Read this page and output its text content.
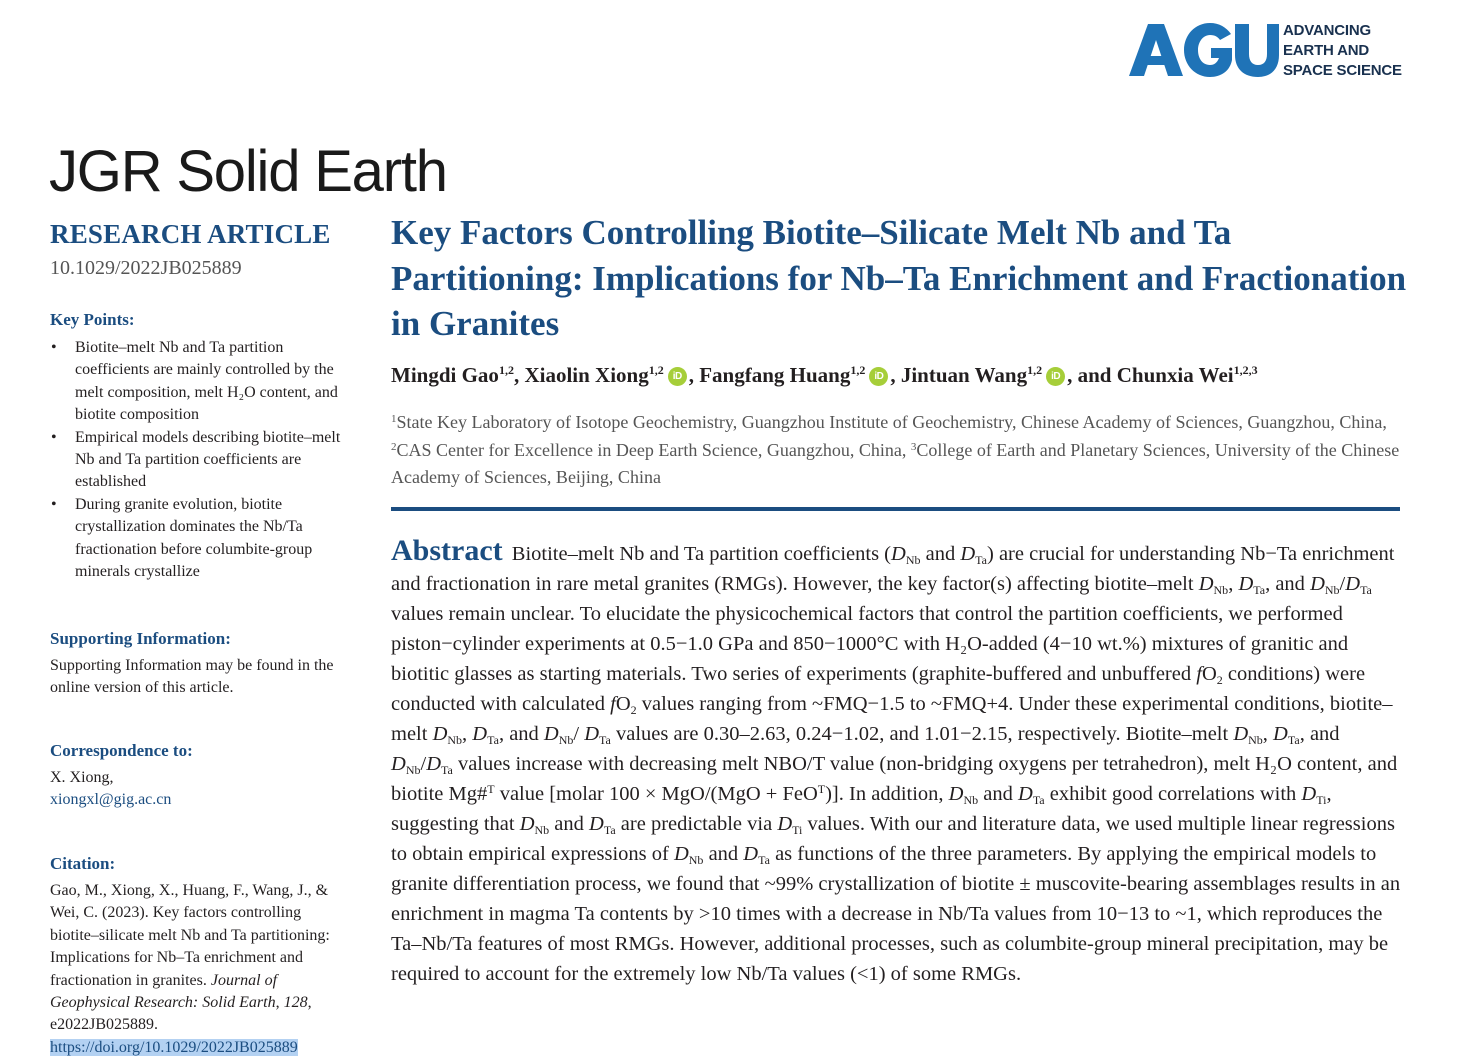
ADVANCING
EARTH AND
SPACE SCIENCE
JGR Solid Earth
RESEARCH ARTICLE
10.1029/2022JB025889
Key Points:
• Biotite–melt Nb and Ta partition coefficients are mainly controlled by the melt composition, melt H₂O content, and biotite composition
• Empirical models describing biotite–melt Nb and Ta partition coefficients are established
• During granite evolution, biotite crystallization dominates the Nb/Ta fractionation before columbite-group minerals crystallize
Supporting Information:
Supporting Information may be found in the online version of this article.
Correspondence to:
X. Xiong,
xiongxl@gig.ac.cn
Citation:
Gao, M., Xiong, X., Huang, F., Wang, J., & Wei, C. (2023). Key factors controlling biotite–silicate melt Nb and Ta partitioning: Implications for Nb–Ta enrichment and fractionation in granites. Journal of Geophysical Research: Solid Earth, 128, e2022JB025889. https://doi.org/10.1029/2022JB025889
Key Factors Controlling Biotite–Silicate Melt Nb and Ta Partitioning: Implications for Nb–Ta Enrichment and Fractionation in Granites
Mingdi Gao$^{1,2}$, Xiaolin Xiong$^{1,2}$ iD , Fangfang Huang$^{1,2}$ iD , Jintuan Wang$^{1,2}$ iD , and Chunxia Wei$^{1,2,3}$
$^1$State Key Laboratory of Isotope Geochemistry, Guangzhou Institute of Geochemistry, Chinese Academy of Sciences, Guangzhou, China, $^2$CAS Center for Excellence in Deep Earth Science, Guangzhou, China, $^3$College of Earth and Planetary Sciences, University of the Chinese Academy of Sciences, Beijing, China
Abstract Biotite–melt Nb and Ta partition coefficients ($D_{Nb}$ and $D_{Ta}$) are crucial for understanding Nb−Ta enrichment and fractionation in rare metal granites (RMGs). However, the key factor(s) affecting biotite–melt $D_{Nb}$, $D_{Ta}$, and $D_{Nb}/D_{Ta}$ values remain unclear. To elucidate the physicochemical factors that control the partition coefficients, we performed piston−cylinder experiments at 0.5−1.0 GPa and 850−1000°C with H₂O-added (4−10 wt.%) mixtures of granitic and biotitic glasses as starting materials. Two series of experiments (graphite-buffered and unbuffered $fO_2$ conditions) were conducted with calculated $fO_2$ values ranging from ~FMQ−1.5 to ~FMQ+4. Under these experimental conditions, biotite–melt $D_{Nb}$, $D_{Ta}$, and $D_{Nb}/$ $D_{Ta}$ values are 0.30–2.63, 0.24−1.02, and 1.01−2.15, respectively. Biotite–melt $D_{Nb}$, $D_{Ta}$, and $D_{Nb}/D_{Ta}$ values increase with decreasing melt NBO/T value (non-bridging oxygens per tetrahedron), melt H₂O content, and biotite Mg#$^T$ value [molar 100 × MgO/(MgO + FeO$^T$)]. In addition, $D_{Nb}$ and $D_{Ta}$ exhibit good correlations with $D_{Ti}$, suggesting that $D_{Nb}$ and $D_{Ta}$ are predictable via $D_{Ti}$ values. With our and literature data, we used multiple linear regressions to obtain empirical expressions of $D_{Nb}$ and $D_{Ta}$ as functions of the three parameters. By applying the empirical models to granite differentiation process, we found that ~99% crystallization of biotite ± muscovite-bearing assemblages results in an enrichment in magma Ta contents by >10 times with a decrease in Nb/Ta values from 10−13 to ~1, which reproduces the Ta–Nb/Ta features of most RMGs. However, additional processes, such as columbite-group mineral precipitation, may be required to account for the extremely low Nb/Ta values (<1) of some RMGs.
